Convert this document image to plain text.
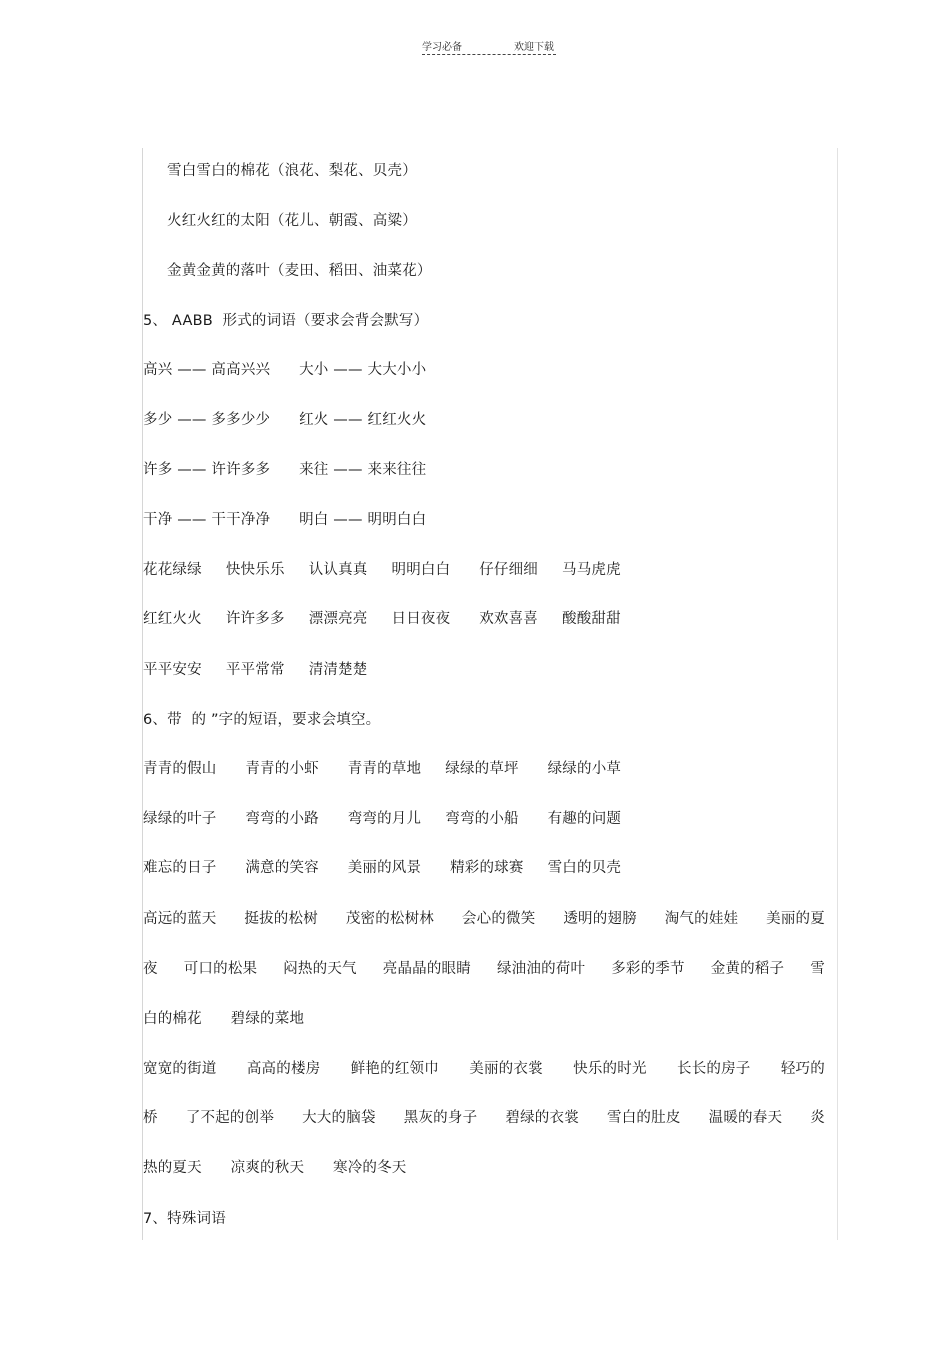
学习必备	欢迎下载
雪白雪白的棉花（浪花、梨花、贝壳）
火红火红的太阳（花儿、朝霞、高粱）
金黄金黄的落叶（麦田、稻田、油菜花）
5、 AABB  形式的词语（要求会背会默写）
高兴 —— 高高兴兴      大小 —— 大大小小
多少 —— 多多少少      红火 —— 红红火火
许多 —— 许许多多      来往 —— 来来往往
干净 —— 干干净净      明白 —— 明明白白
花花绿绿     快快乐乐     认认真真     明明白白      仔仔细细     马马虎虎
红红火火     许许多多     漂漂亮亮     日日夜夜      欢欢喜喜     酸酸甜甜
平平安安     平平常常     清清楚楚
6、带  的 ”字的短语，要求会填空。
青青的假山      青青的小虾      青青的草地     绿绿的草坪      绿绿的小草
绿绿的叶子      弯弯的小路      弯弯的月儿     弯弯的小船      有趣的问题
难忘的日子      满意的笑容      美丽的风景      精彩的球赛     雪白的贝壳
高远的蓝天 挺拔的松树 茂密的松树林 会心的微笑 透明的翅膀 淘气的娃娃 美丽的夏
夜 可口的松果 闷热的天气 亮晶晶的眼睛 绿油油的荷叶 多彩的季节 金黄的稻子 雪
白的棉花      碧绿的菜地
宽宽的街道 高高的楼房 鲜艳的红领巾 美丽的衣裳 快乐的时光 长长的房子 轻巧的
桥 了不起的创举 大大的脑袋 黑灰的身子 碧绿的衣裳 雪白的肚皮 温暖的春天 炎
热的夏天      凉爽的秋天      寒冷的冬天
7、特殊词语
